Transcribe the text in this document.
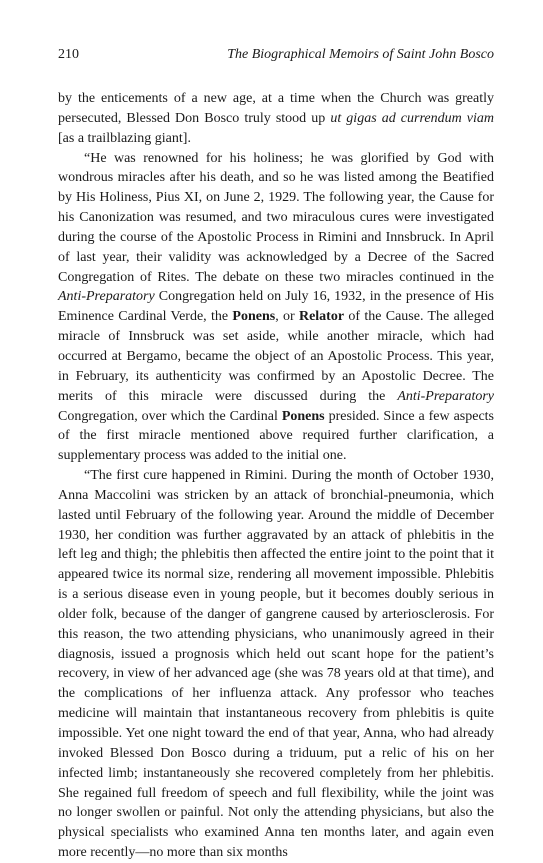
210	The Biographical Memoirs of Saint John Bosco

by the enticements of a new age, at a time when the Church was greatly persecuted, Blessed Don Bosco truly stood up ut gigas ad currendum viam [as a trailblazing giant].

“He was renowned for his holiness; he was glorified by God with wondrous miracles after his death, and so he was listed among the Beatified by His Holiness, Pius XI, on June 2, 1929. The following year, the Cause for his Canonization was resumed, and two miraculous cures were investigated during the course of the Apostolic Process in Rimini and Innsbruck. In April of last year, their validity was acknowledged by a Decree of the Sacred Congregation of Rites. The debate on these two miracles continued in the Anti-Preparatory Congregation held on July 16, 1932, in the presence of His Eminence Cardinal Verde, the Ponens, or Relator of the Cause. The alleged miracle of Innsbruck was set aside, while another miracle, which had occurred at Bergamo, became the object of an Apostolic Process. This year, in February, its authenticity was confirmed by an Apostolic Decree. The merits of this miracle were discussed during the Anti-Preparatory Congregation, over which the Cardinal Ponens presided. Since a few aspects of the first miracle mentioned above required further clarification, a supplementary process was added to the initial one.

“The first cure happened in Rimini. During the month of October 1930, Anna Maccolini was stricken by an attack of bronchial-pneumonia, which lasted until February of the following year. Around the middle of December 1930, her condition was further aggravated by an attack of phlebitis in the left leg and thigh; the phlebitis then affected the entire joint to the point that it appeared twice its normal size, rendering all movement impossible. Phlebitis is a serious disease even in young people, but it becomes doubly serious in older folk, because of the danger of gangrene caused by arteriosclerosis. For this reason, the two attending physicians, who unanimously agreed in their diagnosis, issued a prognosis which held out scant hope for the patient’s recovery, in view of her advanced age (she was 78 years old at that time), and the complications of her influenza attack. Any professor who teaches medicine will maintain that instantaneous recovery from phlebitis is quite impossible. Yet one night toward the end of that year, Anna, who had already invoked Blessed Don Bosco during a triduum, put a relic of his on her infected limb; instantaneously she recovered completely from her phlebitis. She regained full freedom of speech and full flexibility, while the joint was no longer swollen or painful. Not only the attending physicians, but also the physical specialists who examined Anna ten months later, and again even more recently—no more than six months
